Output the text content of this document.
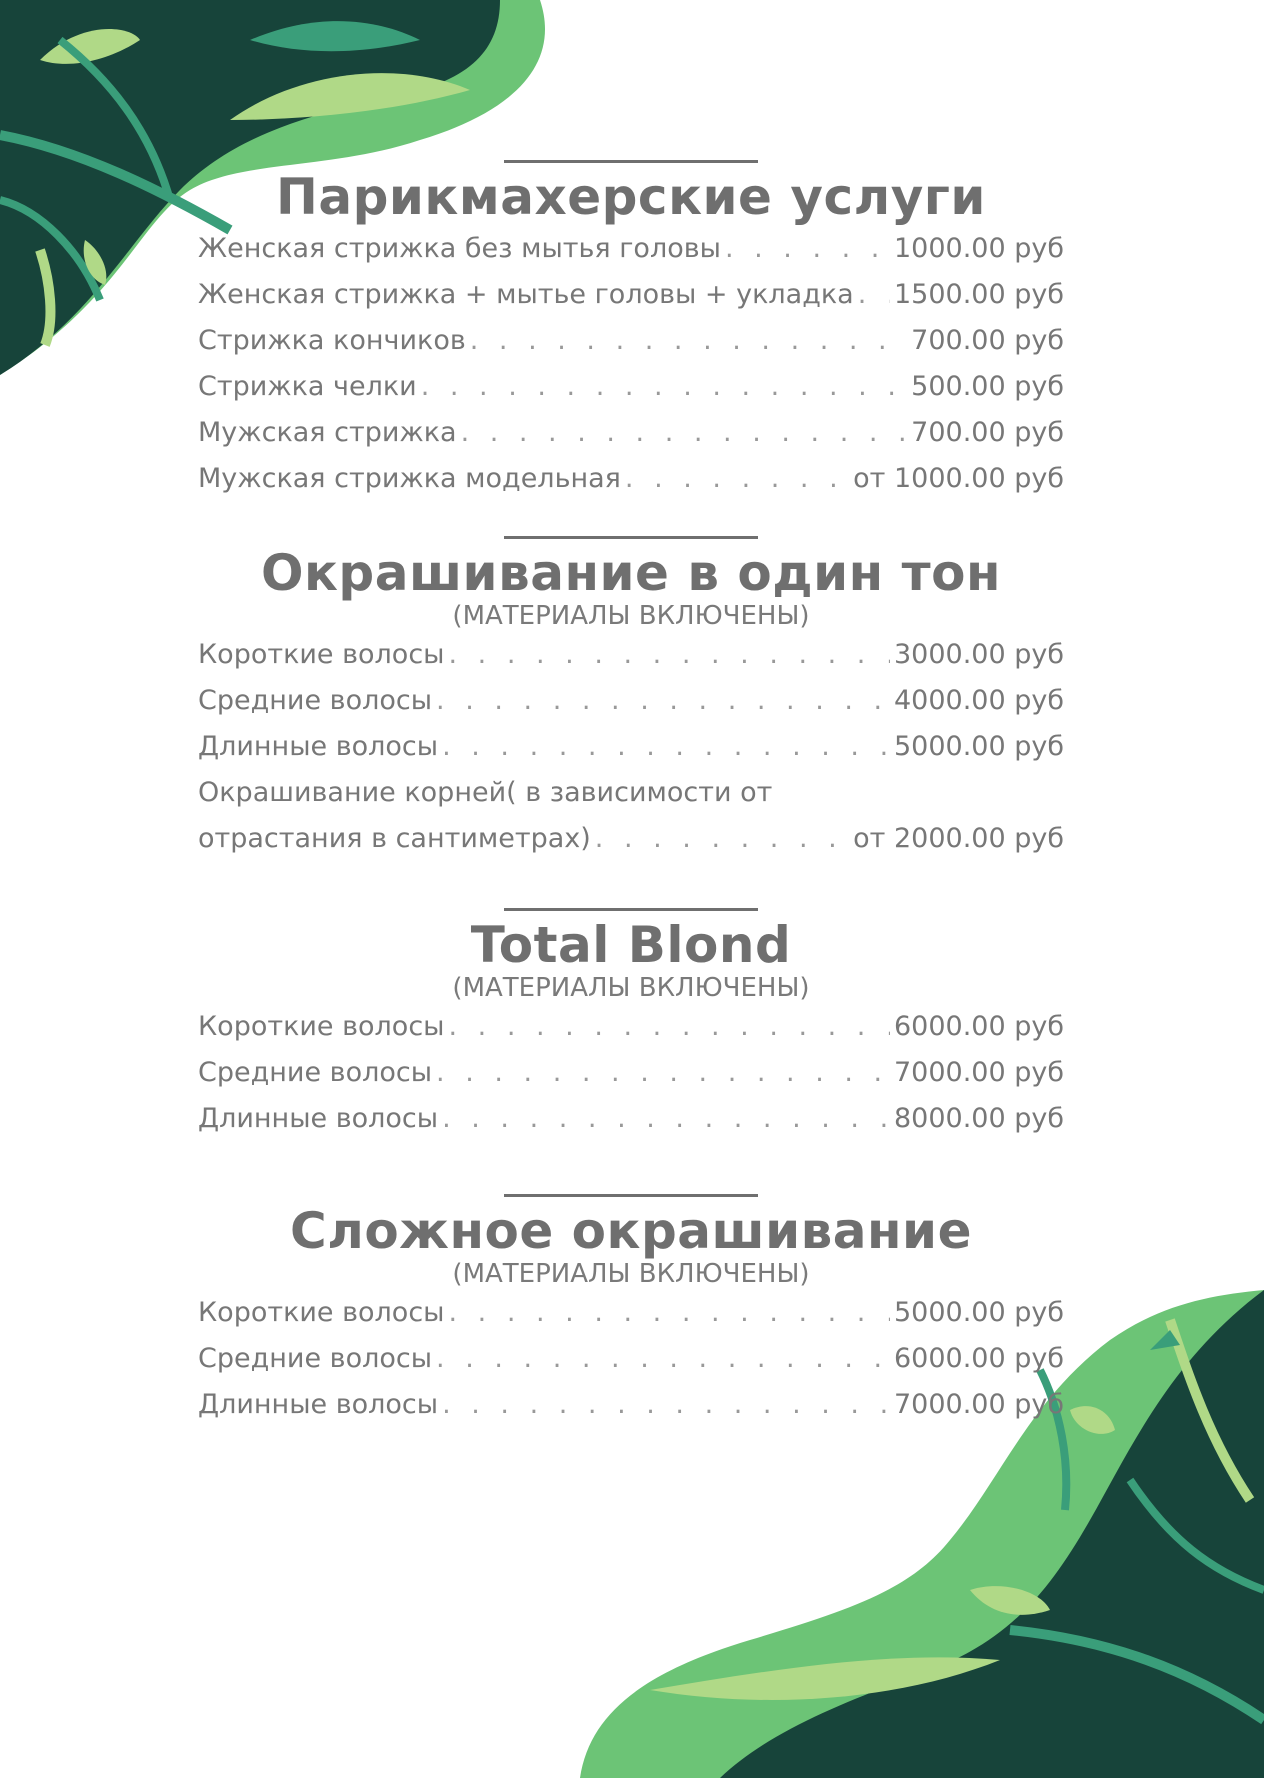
Парикмахерские услуги
Женская стрижка без мытья головы . . .	1000.00 руб
Женская стрижка + мытье головы + укладка . . . 1500.00 руб
Стрижка кончиков . . .	700.00 руб
Стрижка челки . . .	500.00 руб
Мужская стрижка . . .	700.00 руб
Мужская стрижка модельная . . .	от 1000.00 руб
Окрашивание в один тон
(МАТЕРИАЛЫ ВКЛЮЧЕНЫ)
Короткие волосы . . .	3000.00 руб
Средние волосы . . .	4000.00 руб
Длинные волосы . . .	5000.00 руб
Окрашивание корней( в зависимости от
отрастания в сантиметрах) . . .	от 2000.00 руб
Total Blond
(МАТЕРИАЛЫ ВКЛЮЧЕНЫ)
Короткие волосы . . .	6000.00 руб
Средние волосы . . .	7000.00 руб
Длинные волосы . . .	8000.00 руб
Сложное окрашивание
(МАТЕРИАЛЫ ВКЛЮЧЕНЫ)
Короткие волосы . . .	5000.00 руб
Средние волосы . . .	6000.00 руб
Длинные волосы . . .	7000.00 руб
